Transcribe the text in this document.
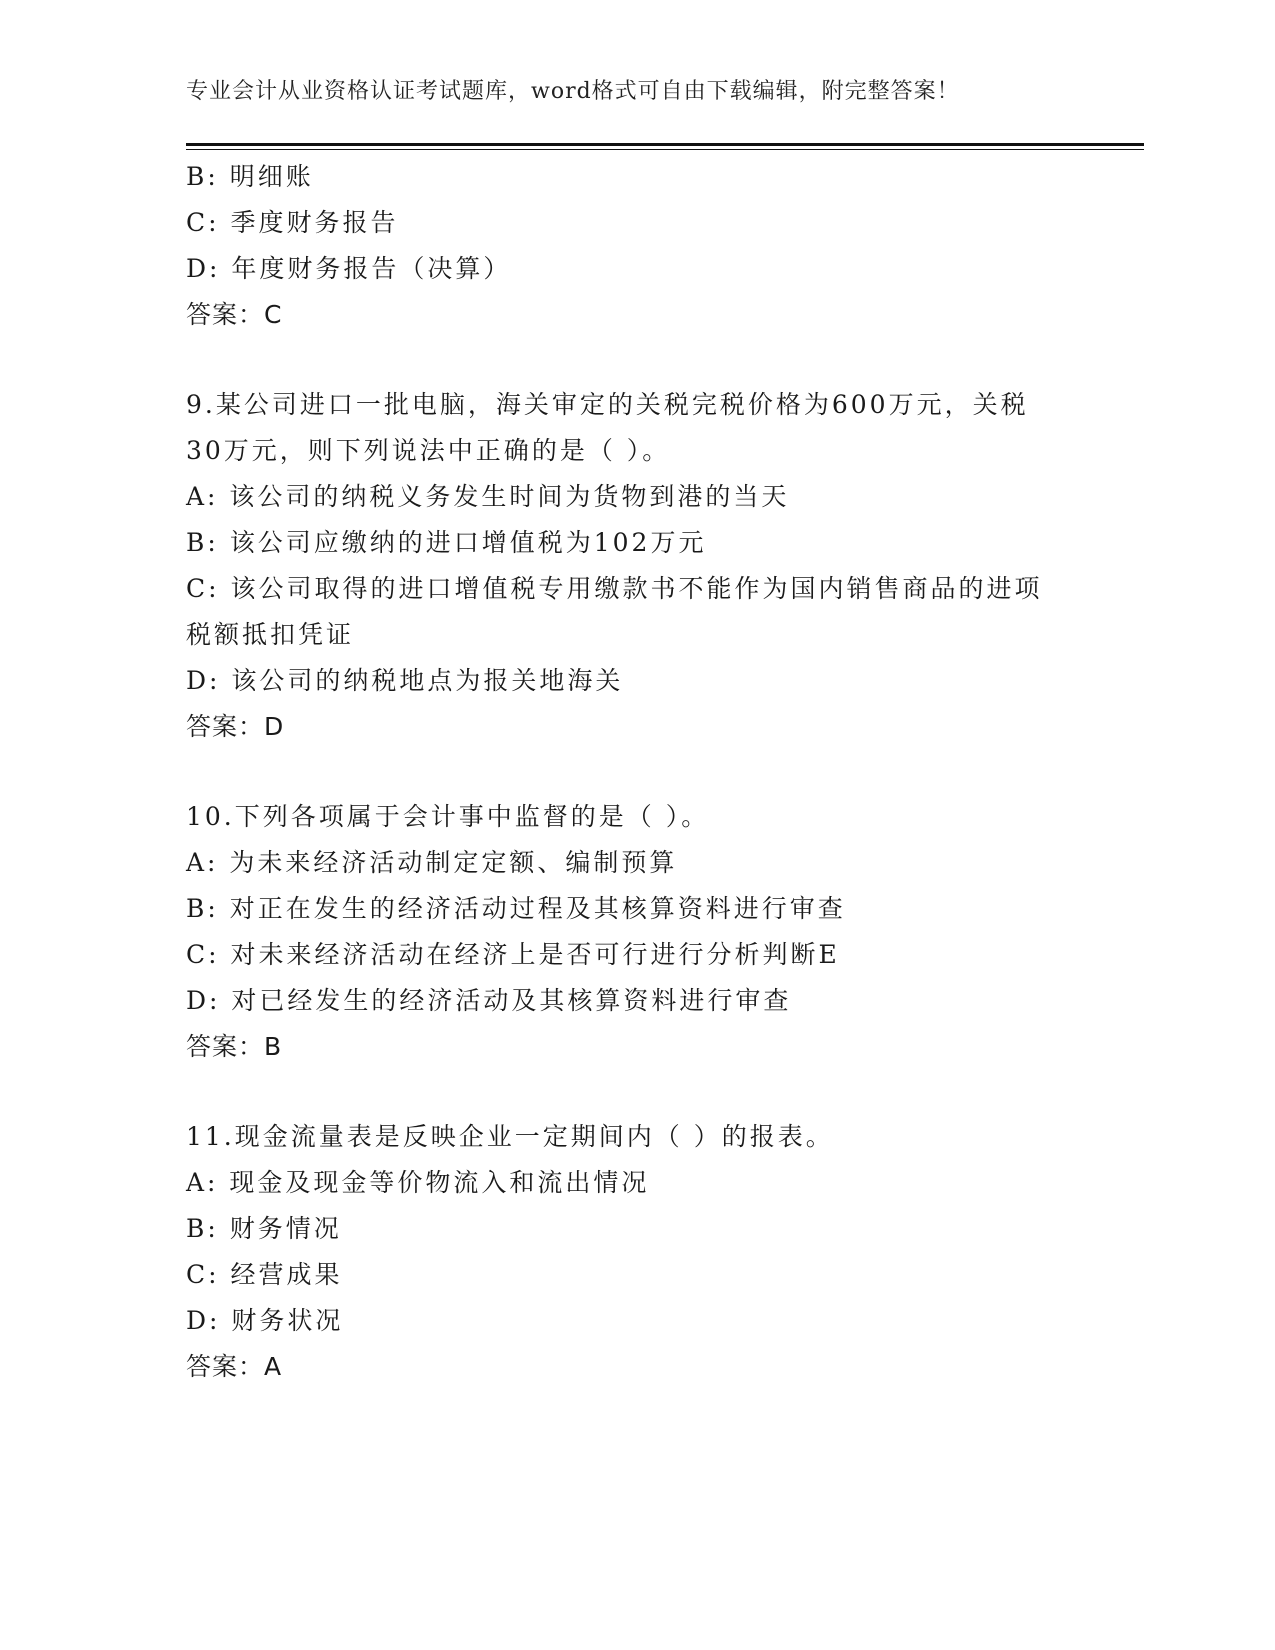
专业会计从业资格认证考试题库，word格式可自由下载编辑，附完整答案！
B: 明细账
C: 季度财务报告
D: 年度财务报告（决算）
答案：C
9.某公司进口一批电脑，海关审定的关税完税价格为600万元，关税
30万元，则下列说法中正确的是（ ）。
A: 该公司的纳税义务发生时间为货物到港的当天
B: 该公司应缴纳的进口增值税为102万元
C: 该公司取得的进口增值税专用缴款书不能作为国内销售商品的进项
税额抵扣凭证
D: 该公司的纳税地点为报关地海关
答案：D
10.下列各项属于会计事中监督的是（ ）。
A: 为未来经济活动制定定额、编制预算
B: 对正在发生的经济活动过程及其核算资料进行审查
C: 对未来经济活动在经济上是否可行进行分析判断E
D: 对已经发生的经济活动及其核算资料进行审查
答案：B
11.现金流量表是反映企业一定期间内（ ）的报表。
A: 现金及现金等价物流入和流出情况
B: 财务情况
C: 经营成果
D: 财务状况
答案：A
